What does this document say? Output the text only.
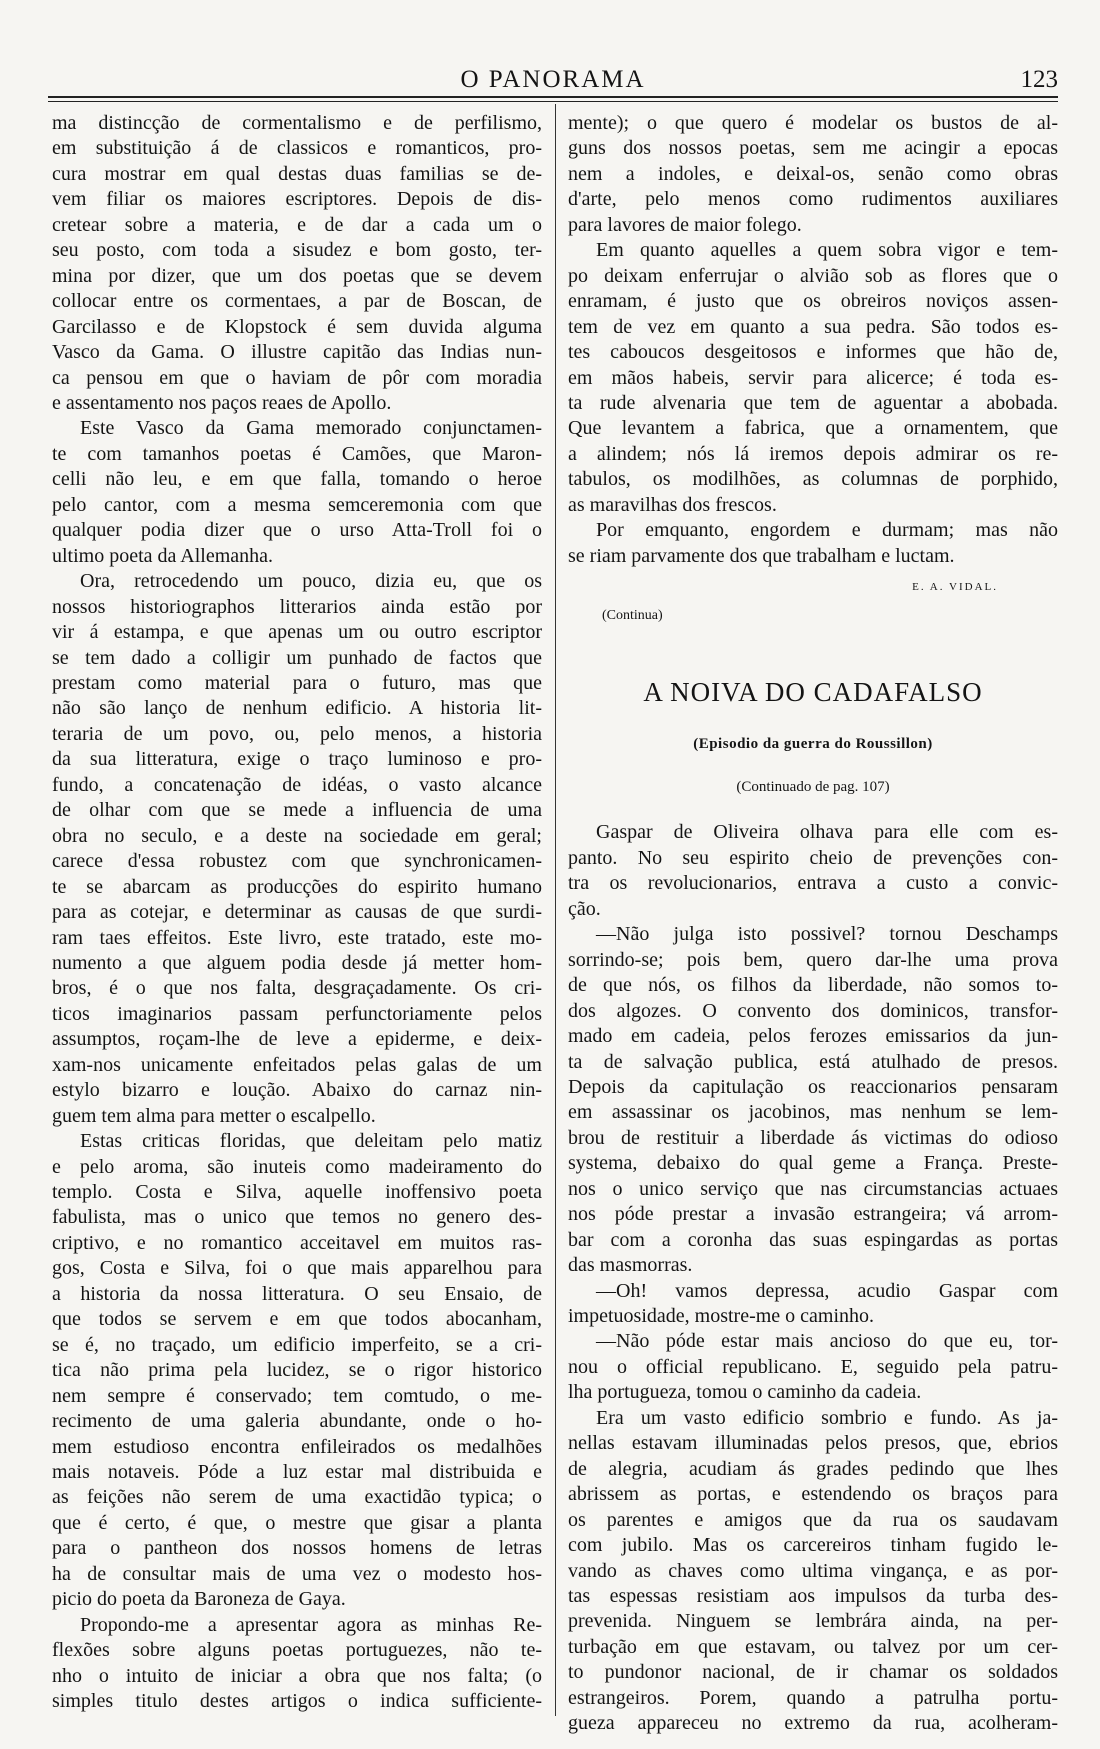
O PANORAMA	123

ma distincção de cormentalismo e de perfilismo,

em substituição á de classicos e romanticos, pro-

cura mostrar em qual destas duas familias se de-

vem filiar os maiores escriptores. Depois de dis-

cretear sobre a materia, e de dar a cada um o

seu posto, com toda a sisudez e bom gosto, ter-

mina por dizer, que um dos poetas que se devem

collocar entre os cormentaes, a par de Boscan, de

Garcilasso e de Klopstock é sem duvida alguma

Vasco da Gama. O illustre capitão das Indias nun-

ca pensou em que o haviam de pôr com moradia

e assentamento nos paços reaes de Apollo.

Este Vasco da Gama memorado conjunctamen-

te com tamanhos poetas é Camões, que Maron-

celli não leu, e em que falla, tomando o heroe

pelo cantor, com a mesma semceremonia com que

qualquer podia dizer que o urso Atta-Troll foi o

ultimo poeta da Allemanha.

Ora, retrocedendo um pouco, dizia eu, que os

nossos historiographos litterarios ainda estão por

vir á estampa, e que apenas um ou outro escriptor

se tem dado a colligir um punhado de factos que

prestam como material para o futuro, mas que

não são lanço de nenhum edificio. A historia lit-

teraria de um povo, ou, pelo menos, a historia

da sua litteratura, exige o traço luminoso e pro-

fundo, a concatenação de idéas, o vasto alcance

de olhar com que se mede a influencia de uma

obra no seculo, e a deste na sociedade em geral;

carece d'essa robustez com que synchronicamen-

te se abarcam as producções do espirito humano

para as cotejar, e determinar as causas de que surdi-

ram taes effeitos. Este livro, este tratado, este mo-

numento a que alguem podia desde já metter hom-

bros, é o que nos falta, desgraçadamente. Os cri-

ticos imaginarios passam perfunctoriamente pelos

assumptos, roçam-lhe de leve a epiderme, e deix-

xam-nos unicamente enfeitados pelas galas de um

estylo bizarro e loução. Abaixo do carnaz nin-

guem tem alma para metter o escalpello.

Estas criticas floridas, que deleitam pelo matiz

e pelo aroma, são inuteis como madeiramento do

templo. Costa e Silva, aquelle inoffensivo poeta

fabulista, mas o unico que temos no genero des-

criptivo, e no romantico acceitavel em muitos ras-

gos, Costa e Silva, foi o que mais apparelhou para

a historia da nossa litteratura. O seu Ensaio, de

que todos se servem e em que todos abocanham,

se é, no traçado, um edificio imperfeito, se a cri-

tica não prima pela lucidez, se o rigor historico

nem sempre é conservado; tem comtudo, o me-

recimento de uma galeria abundante, onde o ho-

mem estudioso encontra enfileirados os medalhões

mais notaveis. Póde a luz estar mal distribuida e

as feições não serem de uma exactidão typica; o

que é certo, é que, o mestre que gisar a planta

para o pantheon dos nossos homens de letras

ha de consultar mais de uma vez o modesto hos-

picio do poeta da Baroneza de Gaya.

Propondo-me a apresentar agora as minhas Re-

flexões sobre alguns poetas portuguezes, não te-

nho o intuito de iniciar a obra que nos falta; (o

simples titulo destes artigos o indica sufficiente-

mente); o que quero é modelar os bustos de al-

guns dos nossos poetas, sem me acingir a epocas

nem a indoles, e deixal-os, senão como obras

d'arte, pelo menos como rudimentos auxiliares

para lavores de maior folego.

Em quanto aquelles a quem sobra vigor e tem-

po deixam enferrujar o alvião sob as flores que o

enramam, é justo que os obreiros noviços assen-

tem de vez em quanto a sua pedra. São todos es-

tes caboucos desgeitosos e informes que hão de,

em mãos habeis, servir para alicerce; é toda es-

ta rude alvenaria que tem de aguentar a abobada.

Que levantem a fabrica, que a ornamentem, que

a alindem; nós lá iremos depois admirar os re-

tabulos, os modilhões, as columnas de porphido,

as maravilhas dos frescos.

Por emquanto, engordem e durmam; mas não

se riam parvamente dos que trabalham e luctam.

E. A. VIDAL.
(Continua)
A NOIVA DO CADAFALSO
(Episodio da guerra do Roussillon)
(Continuado de pag. 107)

Gaspar de Oliveira olhava para elle com es-

panto. No seu espirito cheio de prevenções con-

tra os revolucionarios, entrava a custo a convic-

ção.

—Não julga isto possivel? tornou Deschamps

sorrindo-se; pois bem, quero dar-lhe uma prova

de que nós, os filhos da liberdade, não somos to-

dos algozes. O convento dos dominicos, transfor-

mado em cadeia, pelos ferozes emissarios da jun-

ta de salvação publica, está atulhado de presos.

Depois da capitulação os reaccionarios pensaram

em assassinar os jacobinos, mas nenhum se lem-

brou de restituir a liberdade ás victimas do odioso

systema, debaixo do qual geme a França. Preste-

nos o unico serviço que nas circumstancias actuaes

nos póde prestar a invasão estrangeira; vá arrom-

bar com a coronha das suas espingardas as portas

das masmorras.

—Oh! vamos depressa, acudio Gaspar com

impetuosidade, mostre-me o caminho.

—Não póde estar mais ancioso do que eu, tor-

nou o official republicano. E, seguido pela patru-

lha portugueza, tomou o caminho da cadeia.

Era um vasto edificio sombrio e fundo. As ja-

nellas estavam illuminadas pelos presos, que, ebrios

de alegria, acudiam ás grades pedindo que lhes

abrissem as portas, e estendendo os braços para

os parentes e amigos que da rua os saudavam

com jubilo. Mas os carcereiros tinham fugido le-

vando as chaves como ultima vingança, e as por-

tas espessas resistiam aos impulsos da turba des-

prevenida. Ninguem se lembrára ainda, na per-

turbação em que estavam, ou talvez por um cer-

to pundonor nacional, de ir chamar os soldados

estrangeiros. Porem, quando a patrulha portu-

gueza appareceu no extremo da rua, acolheram-
